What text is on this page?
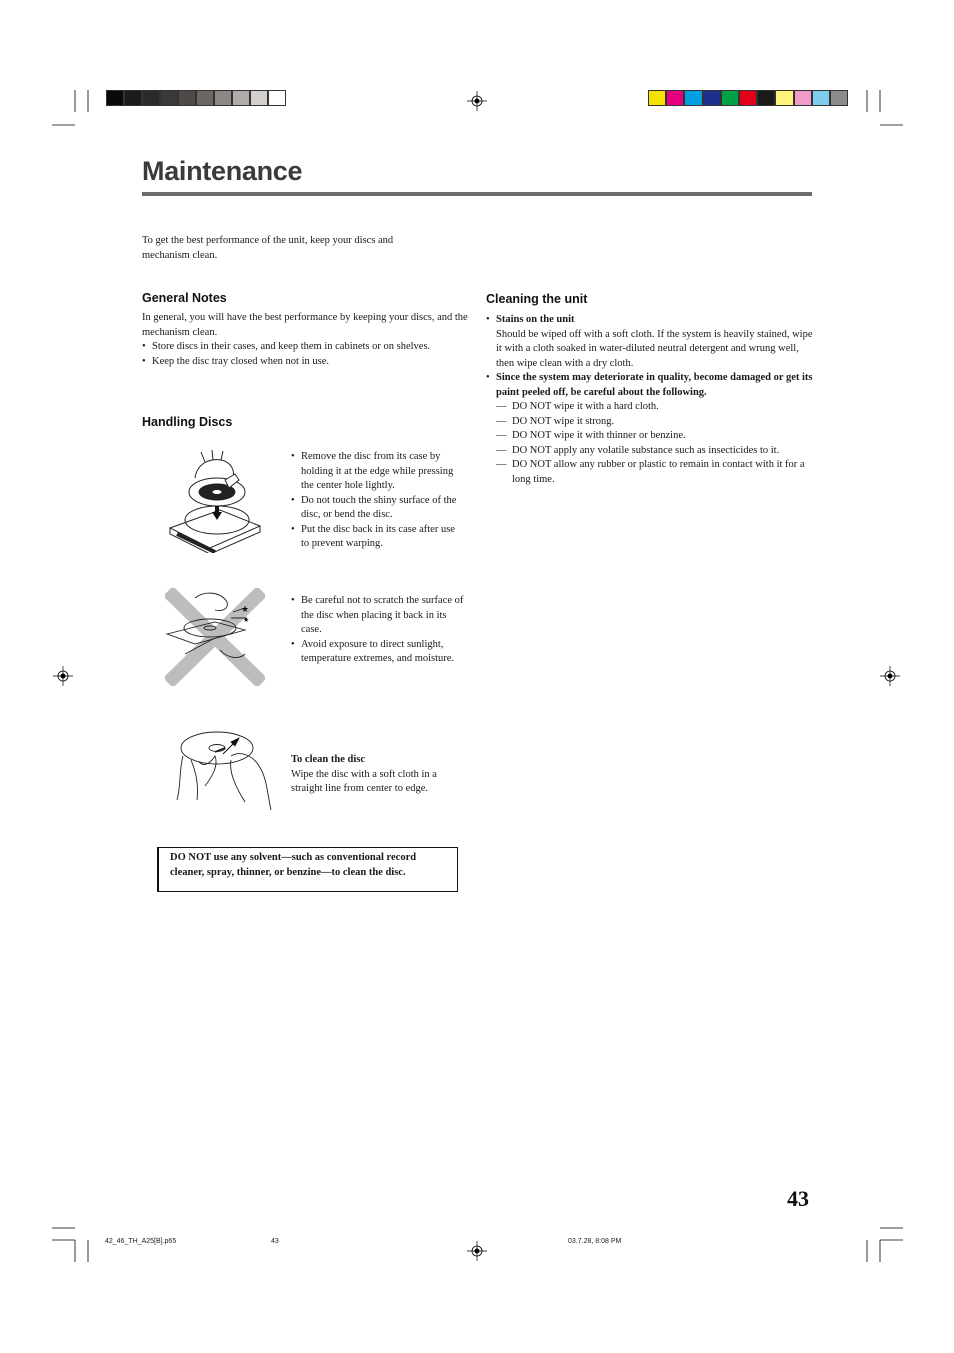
Maintenance
To get the best performance of the unit, keep your discs and mechanism clean.
General Notes
In general, you will have the best performance by keeping your discs, and the mechanism clean.
• Store discs in their cases, and keep them in cabinets or on shelves.
• Keep the disc tray closed when not in use.
Handling Discs
• Remove the disc from its case by holding it at the edge while pressing the center hole lightly.
• Do not touch the shiny surface of the disc, or bend the disc.
• Put the disc back in its case after use to prevent warping.
★
★
• Be careful not to scratch the surface of the disc when placing it back in its case.
• Avoid exposure to direct sunlight, temperature extremes, and moisture.
To clean the disc
Wipe the disc with a soft cloth in a straight line from center to edge.
DO NOT use any solvent—such as conventional record cleaner, spray, thinner, or benzine—to clean the disc.
Cleaning the unit
• Stains on the unit
Should be wiped off with a soft cloth. If the system is heavily stained, wipe it with a cloth soaked in water-diluted neutral detergent and wrung well, then wipe clean with a dry cloth.
• Since the system may deteriorate in quality, become damaged or get its paint peeled off, be careful about the following.
— DO NOT wipe it with a hard cloth.
— DO NOT wipe it strong.
— DO NOT wipe it with thinner or benzine.
— DO NOT apply any volatile substance such as insecticides to it.
— DO NOT allow any rubber or plastic to remain in contact with it for a long time.
43
42_46_TH_A25[B].p65	43	03.7.28, 8:08 PM
